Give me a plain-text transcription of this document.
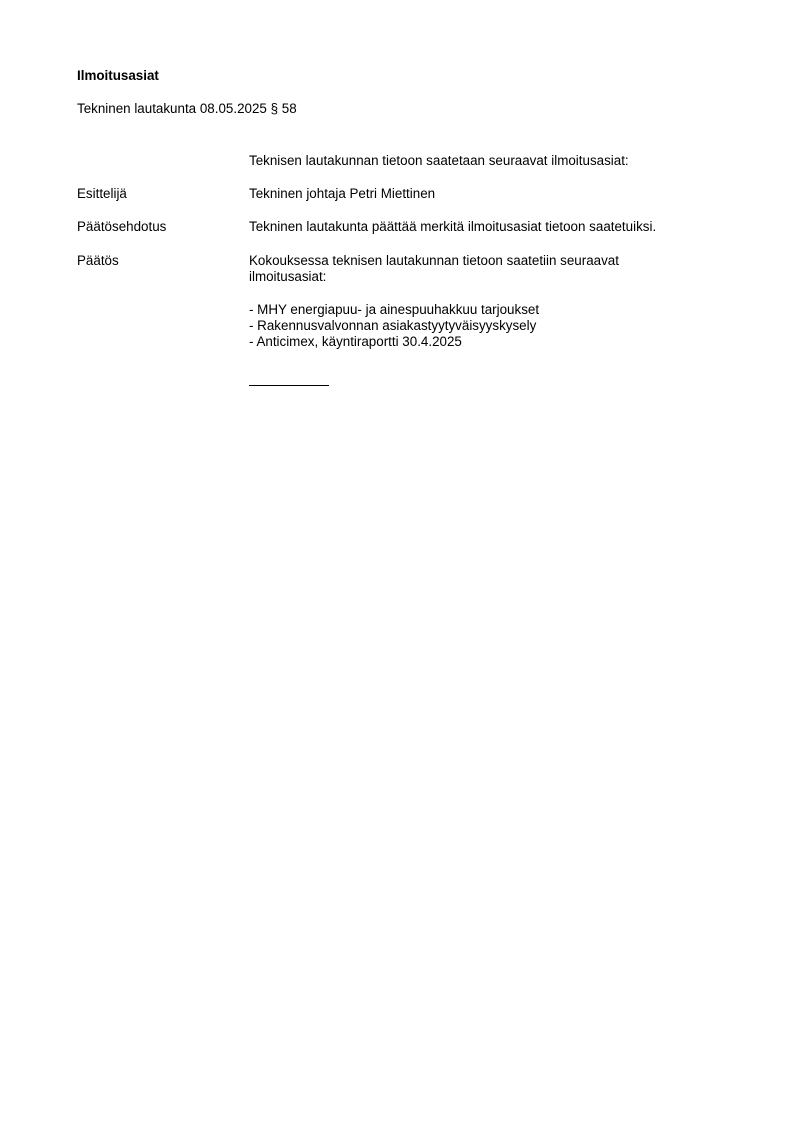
Ilmoitusasiat
Tekninen lautakunta 08.05.2025 § 58
Teknisen lautakunnan tietoon saatetaan seuraavat ilmoitusasiat:
Esittelijä	Tekninen johtaja Petri Miettinen
Päätösehdotus	Tekninen lautakunta päättää merkitä ilmoitusasiat tietoon saatetuiksi.
Päätös	Kokouksessa teknisen lautakunnan tietoon saatetiin seuraavat
ilmoitusasiat:
- MHY energiapuu- ja ainespuuhakkuu tarjoukset
- Rakennusvalvonnan asiakastyytyväisyyskysely
- Anticimex, käyntiraportti 30.4.2025
